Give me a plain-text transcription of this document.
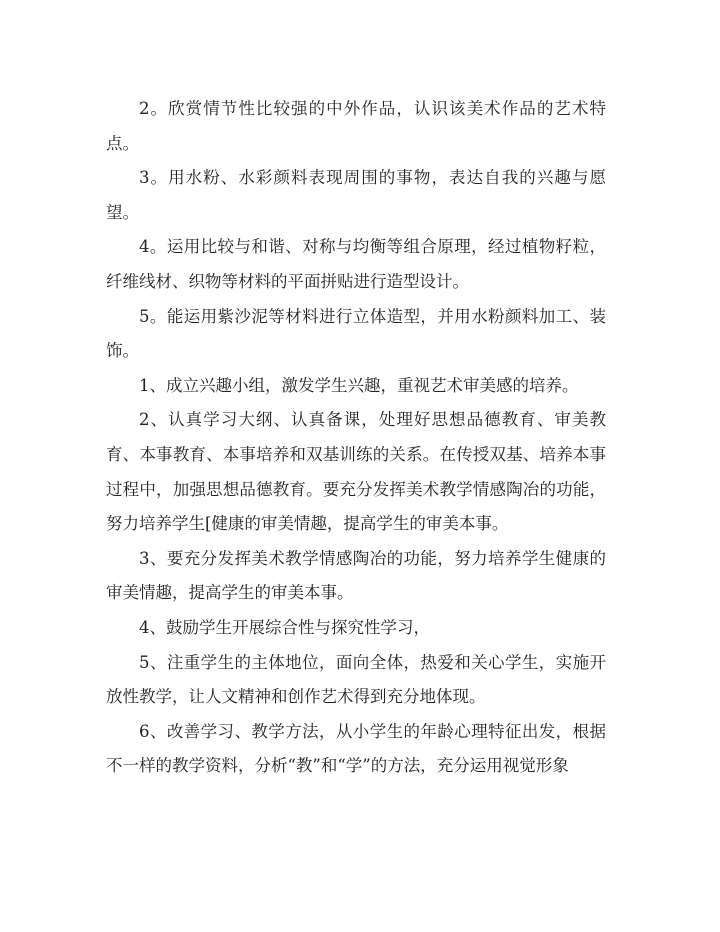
2。欣赏情节性比较强的中外作品，认识该美术作品的艺术特点。

3。用水粉、水彩颜料表现周围的事物，表达自我的兴趣与愿望。

4。运用比较与和谐、对称与均衡等组合原理，经过植物籽粒，纤维线材、织物等材料的平面拼贴进行造型设计。

5。能运用紫沙泥等材料进行立体造型，并用水粉颜料加工、装饰。

1、成立兴趣小组，激发学生兴趣，重视艺术审美感的培养。

2、认真学习大纲、认真备课，处理好思想品德教育、审美教育、本事教育、本事培养和双基训练的关系。在传授双基、培养本事过程中，加强思想品德教育。要充分发挥美术教学情感陶冶的功能，努力培养学生[健康的审美情趣，提高学生的审美本事。

3、要充分发挥美术教学情感陶冶的功能，努力培养学生健康的审美情趣，提高学生的审美本事。

4、鼓励学生开展综合性与探究性学习，

5、注重学生的主体地位，面向全体，热爱和关心学生，实施开放性教学，让人文精神和创作艺术得到充分地体现。

6、改善学习、教学方法，从小学生的年龄心理特征出发，根据不一样的教学资料，分析“教”和“学”的方法，充分运用视觉形象
